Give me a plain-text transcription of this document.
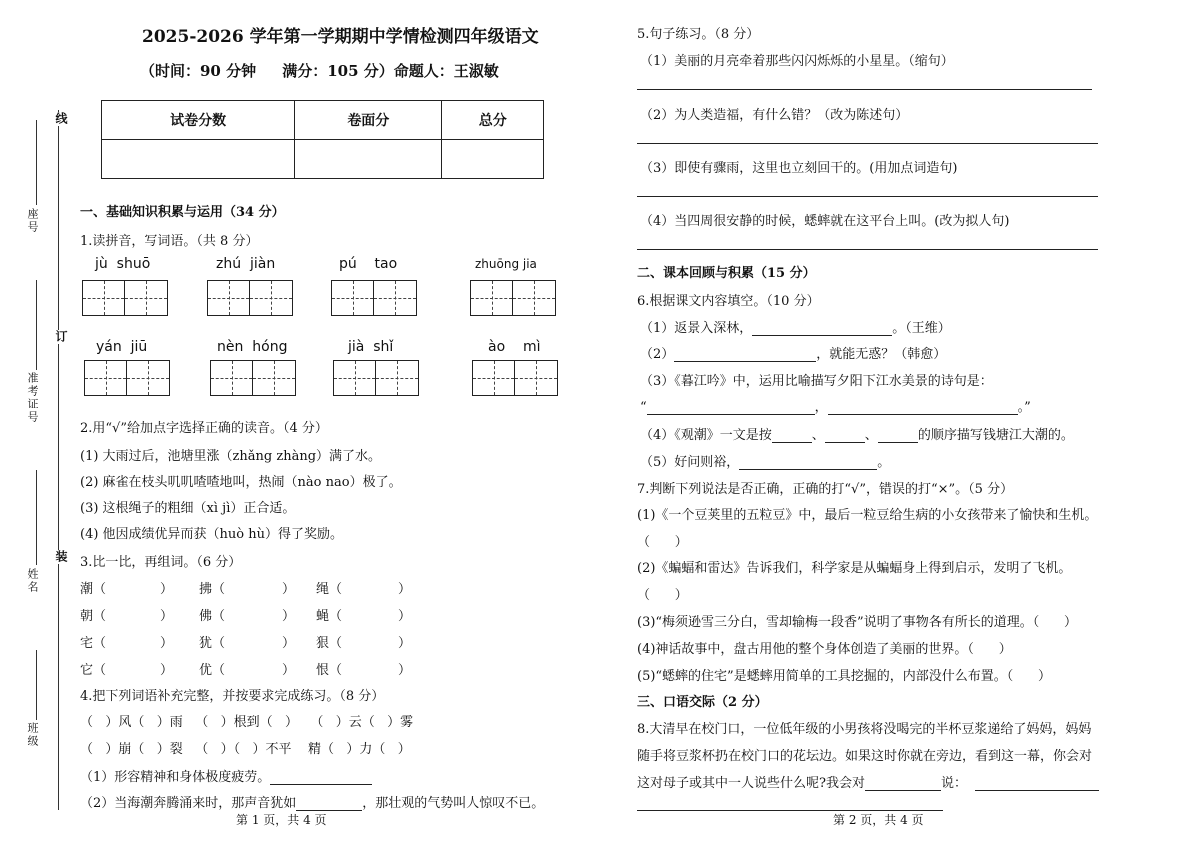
线
订
装
座号
准考证号
姓名
班级
2025-2026 学年第一学期期中学情检测四年级语文
（时间：90 分钟     满分：105 分）命题人：王淑敏
试卷分数	卷面分	总分

一、基础知识积累与运用（34 分）
1.读拼音，写词语。（共 8 分）
jù  shuō	zhú  jiàn	pú    tao	zhuōng jia
yán  jiū	nèn  hóng	jià  shǐ	ào    mì
2.用“√”给加点字选择正确的读音。（4 分）
(1) 大雨过后，池塘里涨（zhǎng zhàng）满了水。
(2) 麻雀在枝头叽叽喳喳地叫，热闹（nào nao）极了。
(3) 这根绳子的粗细（xì jì）正合适。
(4) 他因成绩优异而获（huò hù）得了奖励。
3.比一比，再组词。（6 分）
潮（	） 拂（	） 绳（	）
朝（	） 佛（	） 蝇（	）
宅（	） 犹（	） 狠（	）
它（	） 优（	） 恨（	）
4.把下列词语补充完整，并按要求完成练习。（8 分）
（   ）风（   ）雨   （   ）根到（   ）   （   ）云（   ）雾
（   ）崩（   ）裂   （   ）（   ）不平    精（   ）力（   ）
（1）形容精神和身体极度疲劳。
（2）当海潮奔腾涌来时，那声音犹如	，那壮观的气势叫人惊叹不已。
第 1 页，共 4 页
5.句子练习。（8 分）
（1）美丽的月亮牵着那些闪闪烁烁的小星星。（缩句）
（2）为人类造福，有什么错？（改为陈述句）
（3）即使有骤雨，这里也立刻回干的。(用加点词造句)
（4）当四周很安静的时候，蟋蟀就在这平台上叫。(改为拟人句)
二、课本回顾与积累（15 分）
6.根据课文内容填空。（10 分）
（1）返景入深林，	。（王维）
（2）	，就能无惑？（韩愈）
（3）《暮江吟》中，运用比喻描写夕阳下江水美景的诗句是：
“	，	。”
（4）《观潮》一文是按	、	、	的顺序描写钱塘江大潮的。
（5）好问则裕，	。
7.判断下列说法是否正确，正确的打“√”，错误的打“×”。（5 分）
(1)《一个豆荚里的五粒豆》中，最后一粒豆给生病的小女孩带来了愉快和生机。
（      ）
(2)《蝙蝠和雷达》告诉我们，科学家是从蝙蝠身上得到启示，发明了飞机。
（      ）
(3)“梅须逊雪三分白，雪却输梅一段香”说明了事物各有所长的道理。（      ）
(4)神话故事中，盘古用他的整个身体创造了美丽的世界。（      ）
(5)“蟋蟀的住宅”是蟋蟀用简单的工具挖掘的，内部没什么布置。（      ）
三、口语交际（2 分）
8.大清早在校门口，一位低年级的小男孩将没喝完的半杯豆浆递给了妈妈，妈妈
随手将豆浆杯扔在校门口的花坛边。如果这时你就在旁边，看到这一幕，你会对
这对母子或其中一人说些什么呢?我会对	说：
第 2 页，共 4 页
